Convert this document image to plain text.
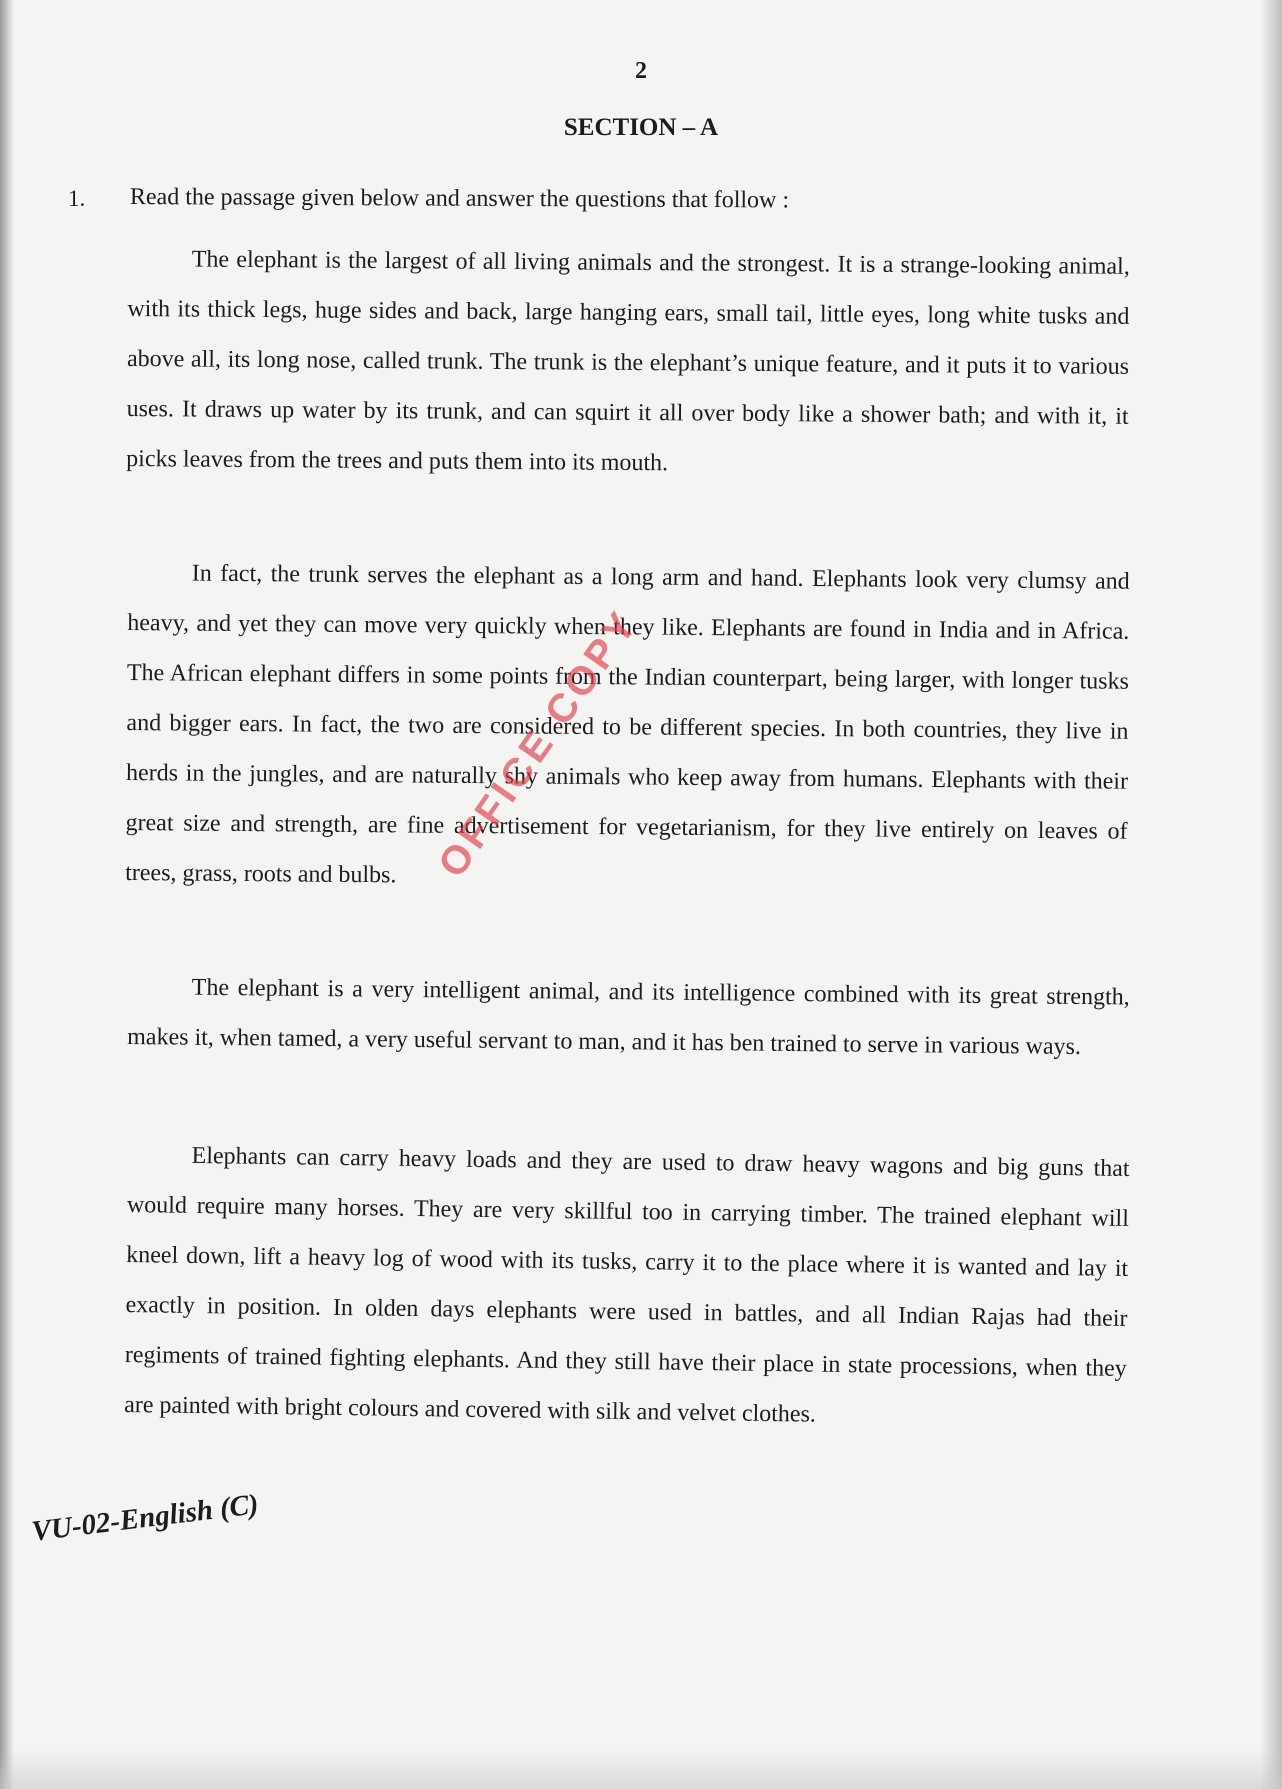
2
SECTION – A
1. Read the passage given below and answer the questions that follow :

The elephant is the largest of all living animals and the strongest. It is a strange-looking animal, with its thick legs, huge sides and back, large hanging ears, small tail, little eyes, long white tusks and above all, its long nose, called trunk. The trunk is the elephant’s unique feature, and it puts it to various uses. It draws up water by its trunk, and can squirt it all over body like a shower bath; and with it, it picks leaves from the trees and puts them into its mouth.

In fact, the trunk serves the elephant as a long arm and hand. Elephants look very clumsy and heavy, and yet they can move very quickly when they like. Elephants are found in India and in Africa. The African elephant differs in some points from the Indian counterpart, being larger, with longer tusks and bigger ears. In fact, the two are considered to be different species. In both countries, they live in herds in the jungles, and are naturally shy animals who keep away from humans. Elephants with their great size and strength, are fine advertisement for vegetarianism, for they live entirely on leaves of trees, grass, roots and bulbs.

The elephant is a very intelligent animal, and its intelligence combined with its great strength, makes it, when tamed, a very useful servant to man, and it has ben trained to serve in various ways.

Elephants can carry heavy loads and they are used to draw heavy wagons and big guns that would require many horses. They are very skillful too in carrying timber. The trained elephant will kneel down, lift a heavy log of wood with its tusks, carry it to the place where it is wanted and lay it exactly in position. In olden days elephants were used in battles, and all Indian Rajas had their regiments of trained fighting elephants. And they still have their place in state processions, when they are painted with bright colours and covered with silk and velvet clothes.

OFFICE COPY
VU-02-English (C)
